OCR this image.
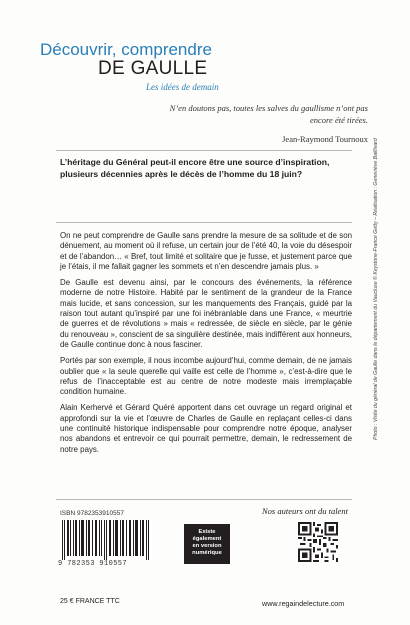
Découvrir, comprendre
DE GAULLE
Les idées de demain
N’en doutons pas, toutes les salves du gaullisme n’ont pas encore été tirées.
Jean-Raymond Tournoux
L’héritage du Général peut-il encore être une source d’inspiration, plusieurs décennies après le décès de l’homme du 18 juin?

On ne peut comprendre de Gaulle sans prendre la mesure de sa solitude et de son dénuement, au moment où il refuse, un certain jour de l’été 40, la voie du désespoir et de l’abandon… « Bref, tout limité et solitaire que je fusse, et justement parce que je l’étais, il me fallait gagner les sommets et n’en descendre jamais plus. »

De Gaulle est devenu ainsi, par le concours des événements, la référence moderne de notre Histoire. Habité par le sentiment de la grandeur de la France mais lucide, et sans concession, sur les manquements des Français, guidé par la raison tout autant qu’inspiré par une foi inébranlable dans une France, « meurtrie de guerres et de révolutions » mais « redressée, de siècle en siècle, par le génie du renouveau », conscient de sa singulière destinée, mais indifférent aux honneurs, de Gaulle continue donc à nous fasciner.

Portés par son exemple, il nous incombe aujourd’hui, comme demain, de ne jamais oublier que « la seule querelle qui vaille est celle de l’homme », c’est-à-dire que le refus de l’inacceptable est au centre de notre modeste mais irremplaçable condition humaine.

Alain Kerhervé et Gérard Quéré apportent dans cet ouvrage un regard original et approfondi sur la vie et l’œuvre de Charles de Gaulle en replaçant celles-ci dans une continuité historique indispensable pour comprendre notre époque, analyser nos abandons et entrevoir ce qui pourrait permettre, demain, le redressement de notre pays.

Photo : Visite du général de Gaulle dans le département du Vaucluse © Keystone-France Getty – Réalisation : Geneviève Baillivard
ISBN 9782353910557
9 782353 910557
Existe
également
en version
numérique
Nos auteurs ont du talent
25 € FRANCE TTC	www.regaindelecture.com
